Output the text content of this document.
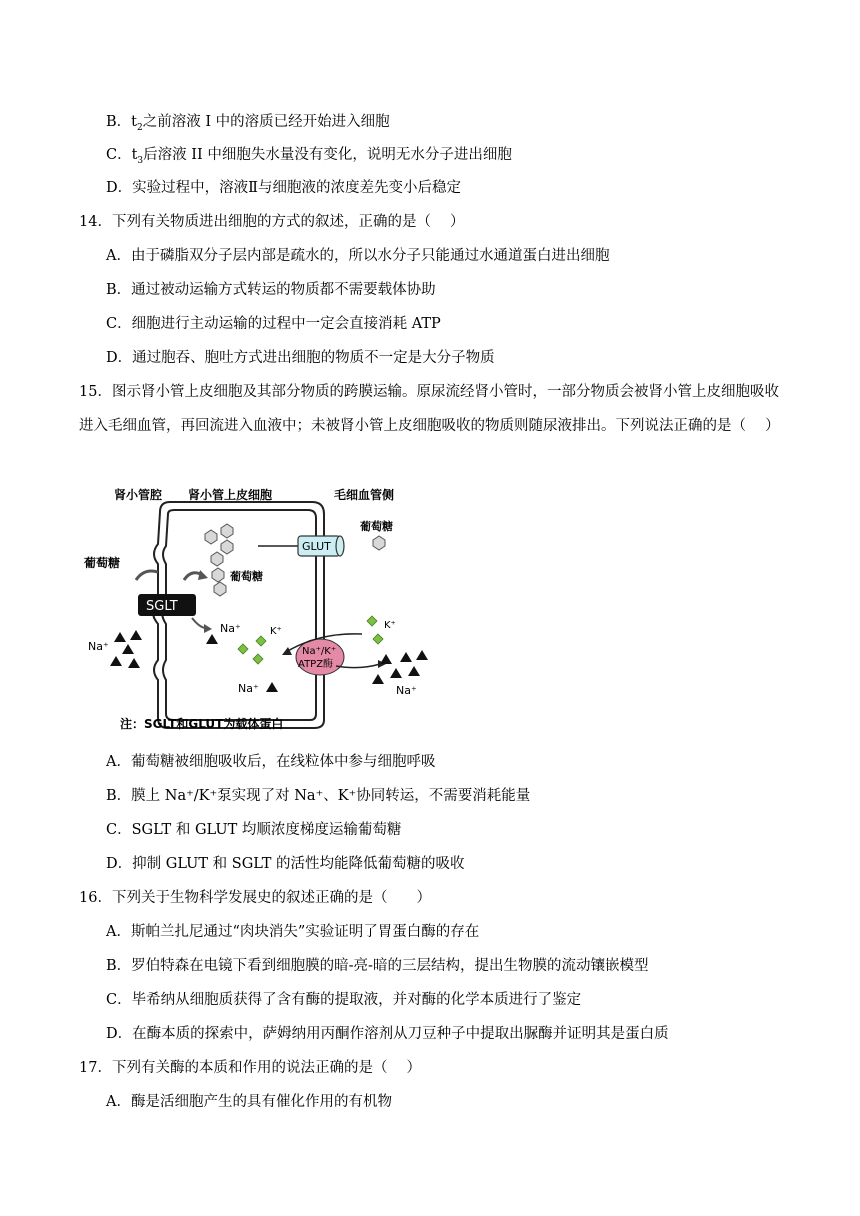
B．$t_2$之前溶液 I 中的溶质已经开始进入细胞
C．$t_3$后溶液 II 中细胞失水量没有变化，说明无水分子进出细胞
D．实验过程中，溶液Ⅱ与细胞液的浓度差先变小后稳定
14．下列有关物质进出细胞的方式的叙述，正确的是（　 ）
A．由于磷脂双分子层内部是疏水的，所以水分子只能通过水通道蛋白进出细胞
B．通过被动运输方式转运的物质都不需要载体协助
C．细胞进行主动运输的过程中一定会直接消耗 ATP
D．通过胞吞、胞吐方式进出细胞的物质不一定是大分子物质
15．图示肾小管上皮细胞及其部分物质的跨膜运输。原尿流经肾小管时，一部分物质会被肾小管上皮细胞吸收进入毛细血管，再回流进入血液中；未被肾小管上皮细胞吸收的物质则随尿液排出。下列说法正确的是（　 ）
肾小管腔 肾小管上皮细胞	毛细血管侧
葡萄糖
葡萄糖
GLUT
葡萄糖
SGLT
Na⁺
Na⁺	K⁺
Na⁺/K⁺
ATPZ酶
K⁺
Na⁺	Na⁺
注：SGLT和GLUT为载体蛋白
A．葡萄糖被细胞吸收后，在线粒体中参与细胞呼吸
B．膜上 Na⁺/K⁺泵实现了对 Na⁺、K⁺协同转运，不需要消耗能量
C．SGLT 和 GLUT 均顺浓度梯度运输葡萄糖
D．抑制 GLUT 和 SGLT 的活性均能降低葡萄糖的吸收
16．下列关于生物科学发展史的叙述正确的是（　　）
A．斯帕兰扎尼通过“肉块消失”实验证明了胃蛋白酶的存在
B．罗伯特森在电镜下看到细胞膜的暗-亮-暗的三层结构，提出生物膜的流动镶嵌模型
C．毕希纳从细胞质获得了含有酶的提取液，并对酶的化学本质进行了鉴定
D．在酶本质的探索中，萨姆纳用丙酮作溶剂从刀豆种子中提取出脲酶并证明其是蛋白质
17．下列有关酶的本质和作用的说法正确的是（　 ）
A．酶是活细胞产生的具有催化作用的有机物
